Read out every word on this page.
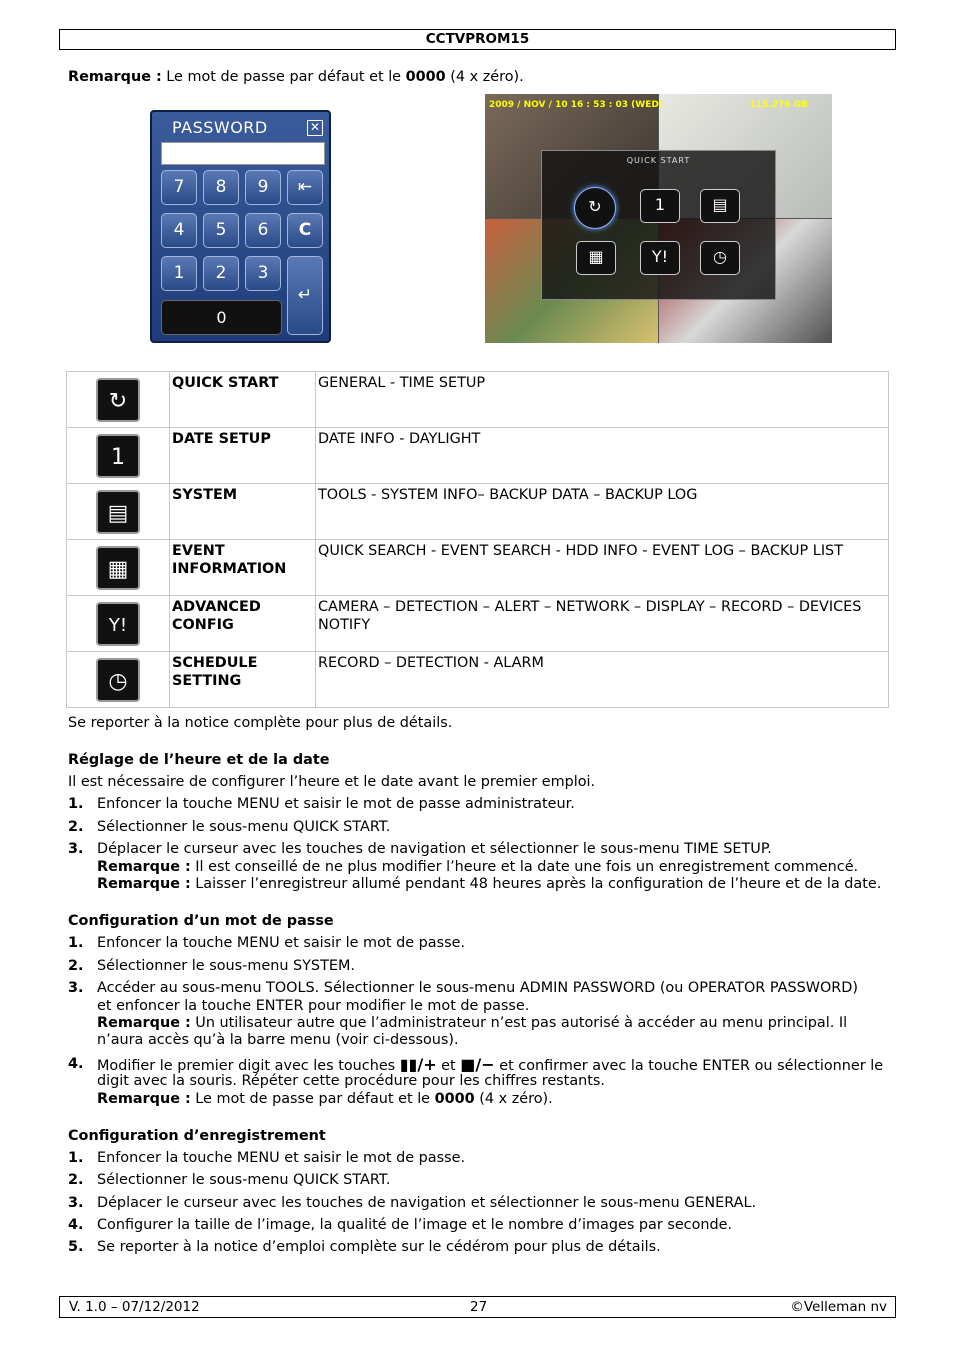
CCTVPROM15
Remarque : Le mot de passe par défaut et le 0000 (4 x zéro).
PASSWORD	✕
7	8	9	⇤
4	5	6	C
1	2	3
↵
0
2009 / NOV / 10 16 : 53 : 03 (WED)	115.276 GB
QUICK START
↻	1	▤
▦	Y!	◷
↻	QUICK START	GENERAL - TIME SETUP
1	DATE SETUP	DATE INFO - DAYLIGHT
▤	SYSTEM	TOOLS - SYSTEM INFO– BACKUP DATA – BACKUP LOG
▦	EVENT INFORMATION	QUICK SEARCH - EVENT SEARCH - HDD INFO - EVENT LOG – BACKUP LIST
Y!	ADVANCED CONFIG	CAMERA – DETECTION – ALERT – NETWORK – DISPLAY – RECORD – DEVICES NOTIFY
◷	SCHEDULE SETTING	RECORD – DETECTION - ALARM
Se reporter à la notice complète pour plus de détails.
Réglage de l’heure et de la date
Il est nécessaire de configurer l’heure et le date avant le premier emploi.
1. Enfoncer la touche MENU et saisir le mot de passe administrateur.
2. Sélectionner le sous-menu QUICK START.
3. Déplacer le curseur avec les touches de navigation et sélectionner le sous-menu TIME SETUP.
Remarque : Il est conseillé de ne plus modifier l’heure et la date une fois un enregistrement commencé.
Remarque : Laisser l’enregistreur allumé pendant 48 heures après la configuration de l’heure et de la date.
Configuration d’un mot de passe
1. Enfoncer la touche MENU et saisir le mot de passe.
2. Sélectionner le sous-menu SYSTEM.
3. Accéder au sous-menu TOOLS. Sélectionner le sous-menu ADMIN PASSWORD (ou OPERATOR PASSWORD)
et enfoncer la touche ENTER pour modifier le mot de passe.
Remarque : Un utilisateur autre que l’administrateur n’est pas autorisé à accéder au menu principal. Il
n’aura accès qu’à la barre menu (voir ci-dessous).
4. Modifier le premier digit avec les touches ▮▮/+ et ■/− et confirmer avec la touche ENTER ou sélectionner le
digit avec la souris. Répéter cette procédure pour les chiffres restants.
Remarque : Le mot de passe par défaut et le 0000 (4 x zéro).
Configuration d’enregistrement
1. Enfoncer la touche MENU et saisir le mot de passe.
2. Sélectionner le sous-menu QUICK START.
3. Déplacer le curseur avec les touches de navigation et sélectionner le sous-menu GENERAL.
4. Configurer la taille de l’image, la qualité de l’image et le nombre d’images par seconde.
5. Se reporter à la notice d’emploi complète sur le cédérom pour plus de détails.
V. 1.0 – 07/12/2012	27	©Velleman nv
